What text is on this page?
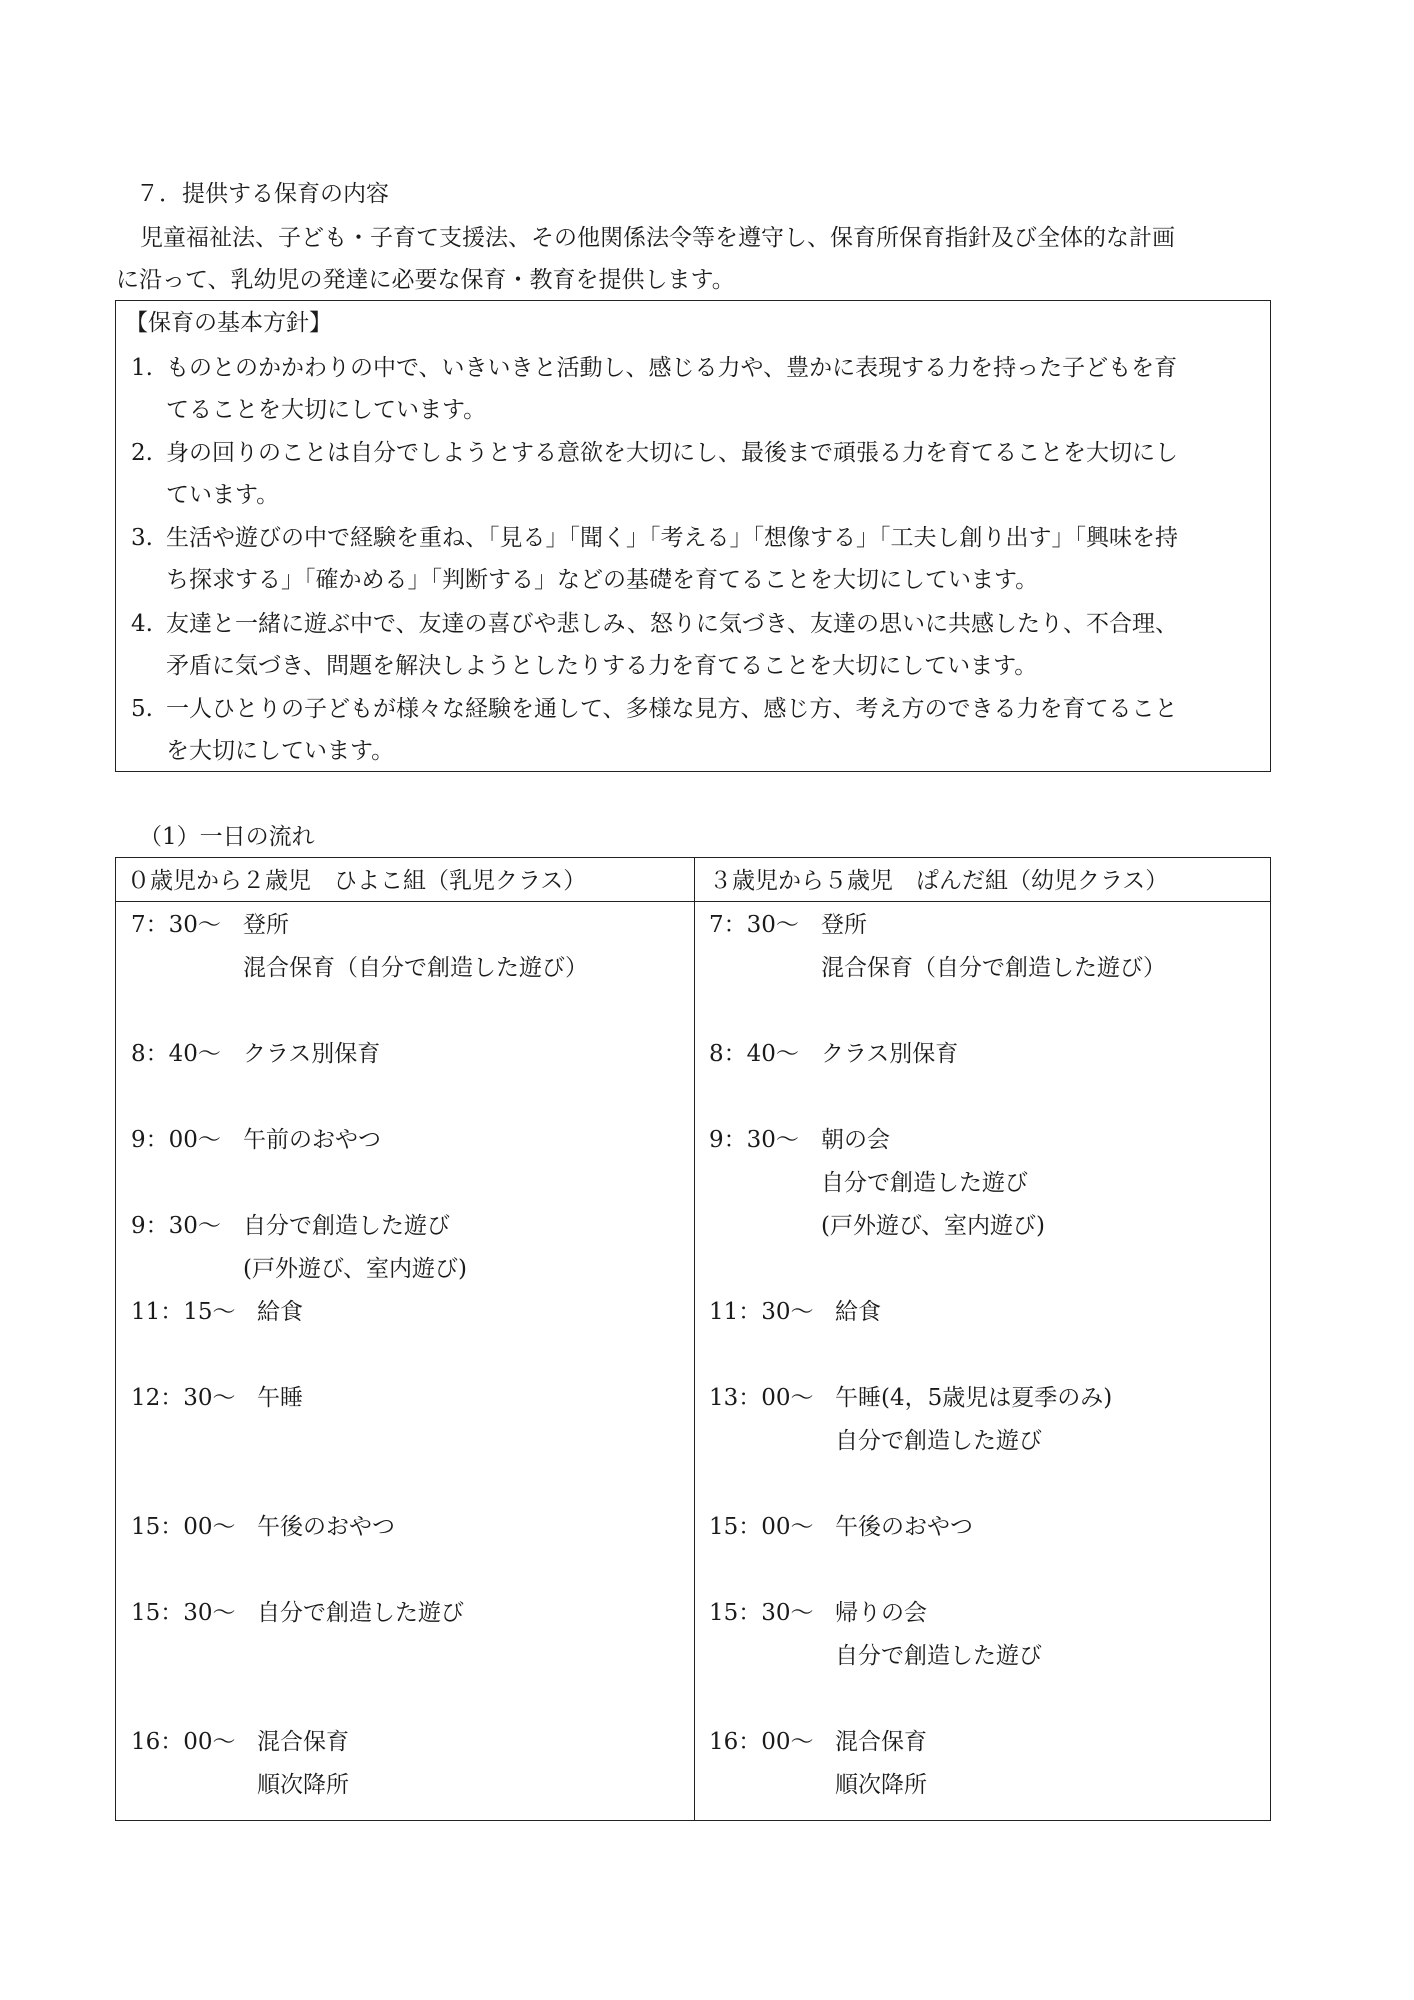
７．提供する保育の内容
児童福祉法、子ども・子育て支援法、その他関係法令等を遵守し、保育所保育指針及び全体的な計画
に沿って、乳幼児の発達に必要な保育・教育を提供します。
【保育の基本方針】
1. ものとのかかわりの中で、いきいきと活動し、感じる力や、豊かに表現する力を持った子どもを育
てることを大切にしています。
2. 身の回りのことは自分でしようとする意欲を大切にし、最後まで頑張る力を育てることを大切にし
ています。
3. 生活や遊びの中で経験を重ね、「見る」「聞く」「考える」「想像する」「工夫し創り出す」「興味を持
ち探求する」「確かめる」「判断する」などの基礎を育てることを大切にしています。
4. 友達と一緒に遊ぶ中で、友達の喜びや悲しみ、怒りに気づき、友達の思いに共感したり、不合理、
矛盾に気づき、問題を解決しようとしたりする力を育てることを大切にしています。
5. 一人ひとりの子どもが様々な経験を通して、多様な見方、感じ方、考え方のできる力を育てること
を大切にしています。
（1）一日の流れ
０歳児から２歳児　ひよこ組（乳児クラス）	３歳児から５歳児　ぱんだ組（幼児クラス）
7：30～ 登所
混合保育（自分で創造した遊び）
8：40～ クラス別保育
9：00～ 午前のおやつ
9：30～ 自分で創造した遊び
(戸外遊び、室内遊び)
11：15～ 給食
12：30～ 午睡
15：00～ 午後のおやつ
15：30～ 自分で創造した遊び
16：00～ 混合保育
順次降所
7：30～ 登所
混合保育（自分で創造した遊び）
8：40～ クラス別保育
9：30～ 朝の会
自分で創造した遊び
(戸外遊び、室内遊び)
11：30～ 給食
13：00～ 午睡(4，5歳児は夏季のみ)
自分で創造した遊び
15：00～ 午後のおやつ
15：30～ 帰りの会
自分で創造した遊び
16：00～ 混合保育
順次降所
